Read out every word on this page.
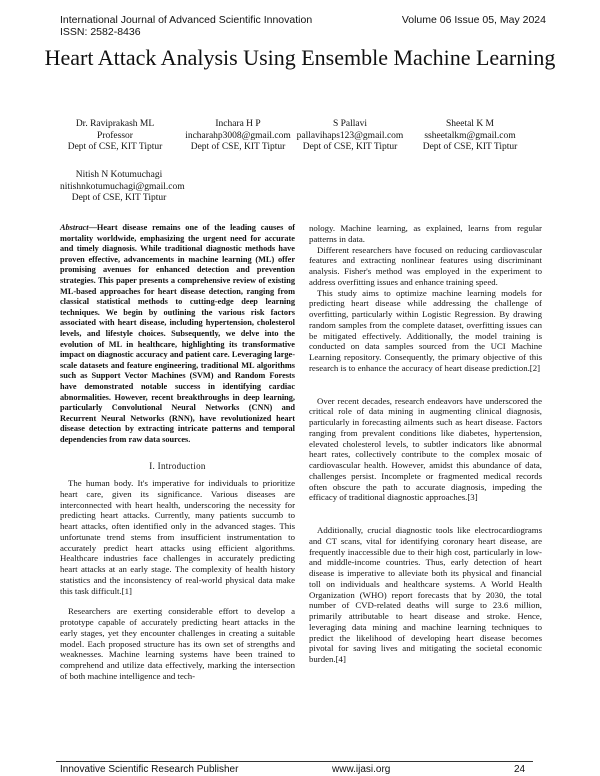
International Journal of Advanced Scientific Innovation
ISSN: 2582-8436
Volume 06 Issue 05, May 2024
Heart Attack Analysis Using Ensemble Machine Learning
Dr. Raviprakash ML
Professor
Dept of CSE, KIT Tiptur
Inchara H P
incharahp3008@gmail.com
Dept of CSE, KIT Tiptur
S Pallavi
pallavihaps123@gmail.com
Dept of CSE, KIT Tiptur
Sheetal K M
ssheetalkm@gmail.com
Dept of CSE, KIT Tiptur
Nitish N Kotumuchagi
nitishnkotumuchagi@gmail.com
Dept of CSE, KIT Tiptur
Abstract—Heart disease remains one of the leading causes of mortality worldwide, emphasizing the urgent need for accurate and timely diagnosis. While traditional diagnostic methods have proven effective, advancements in machine learning (ML) offer promising avenues for enhanced detection and prevention strategies. This paper presents a comprehensive review of existing ML-based approaches for heart disease detection, ranging from classical statistical methods to cutting-edge deep learning techniques. We begin by outlining the various risk factors associated with heart disease, including hypertension, cholesterol levels, and lifestyle choices. Subsequently, we delve into the evolution of ML in healthcare, highlighting its transformative impact on diagnostic accuracy and patient care. Leveraging large-scale datasets and feature engineering, traditional ML algorithms such as Support Vector Machines (SVM) and Random Forests have demonstrated notable success in identifying cardiac abnormalities. However, recent breakthroughs in deep learning, particularly Convolutional Neural Networks (CNN) and Recurrent Neural Networks (RNN), have revolutionized heart disease detection by extracting intricate patterns and temporal dependencies from raw data sources.
I. Introduction

The human body. It's imperative for individuals to prioritize heart care, given its significance. Various diseases are interconnected with heart health, underscoring the necessity for predicting heart attacks. Currently, many patients succumb to heart attacks, often identified only in the advanced stages. This unfortunate trend stems from insufficient instrumentation to accurately predict heart attacks using efficient algorithms. Healthcare industries face challenges in accurately predicting heart attacks at an early stage. The complexity of health history statistics and the inconsistency of real-world physical data make this task difficult.[1]

Researchers are exerting considerable effort to develop a prototype capable of accurately predicting heart attacks in the early stages, yet they encounter challenges in creating a suitable model. Each proposed structure has its own set of strengths and weaknesses. Machine learning systems have been trained to comprehend and utilize data effectively, marking the intersection of both machine intelligence and tech-

nology. Machine learning, as explained, learns from regular patterns in data.

Different researchers have focused on reducing cardiovascular features and extracting nonlinear features using discriminant analysis. Fisher's method was employed in the experiment to address overfitting issues and enhance training speed.

This study aims to optimize machine learning models for predicting heart disease while addressing the challenge of overfitting, particularly within Logistic Regression. By drawing random samples from the complete dataset, overfitting issues can be mitigated effectively. Additionally, the model training is conducted on data samples sourced from the UCI Machine Learning repository. Consequently, the primary objective of this research is to enhance the accuracy of heart disease prediction.[2]

Over recent decades, research endeavors have underscored the critical role of data mining in augmenting clinical diagnosis, particularly in forecasting ailments such as heart disease. Factors ranging from prevalent conditions like diabetes, hypertension, elevated cholesterol levels, to subtler indicators like abnormal heart rates, collectively contribute to the complex mosaic of cardiovascular health. However, amidst this abundance of data, challenges persist. Incomplete or fragmented medical records often obscure the path to accurate diagnosis, impeding the efficacy of traditional diagnostic approaches.[3]

Additionally, crucial diagnostic tools like electrocardiograms and CT scans, vital for identifying coronary heart disease, are frequently inaccessible due to their high cost, particularly in low- and middle-income countries. Thus, early detection of heart disease is imperative to alleviate both its physical and financial toll on individuals and healthcare systems. A World Health Organization (WHO) report forecasts that by 2030, the total number of CVD-related deaths will surge to 23.6 million, primarily attributable to heart disease and stroke. Hence, leveraging data mining and machine learning techniques to predict the likelihood of developing heart disease becomes pivotal for saving lives and mitigating the societal economic burden.[4]

Innovative Scientific Research Publisher	www.ijasi.org	24
